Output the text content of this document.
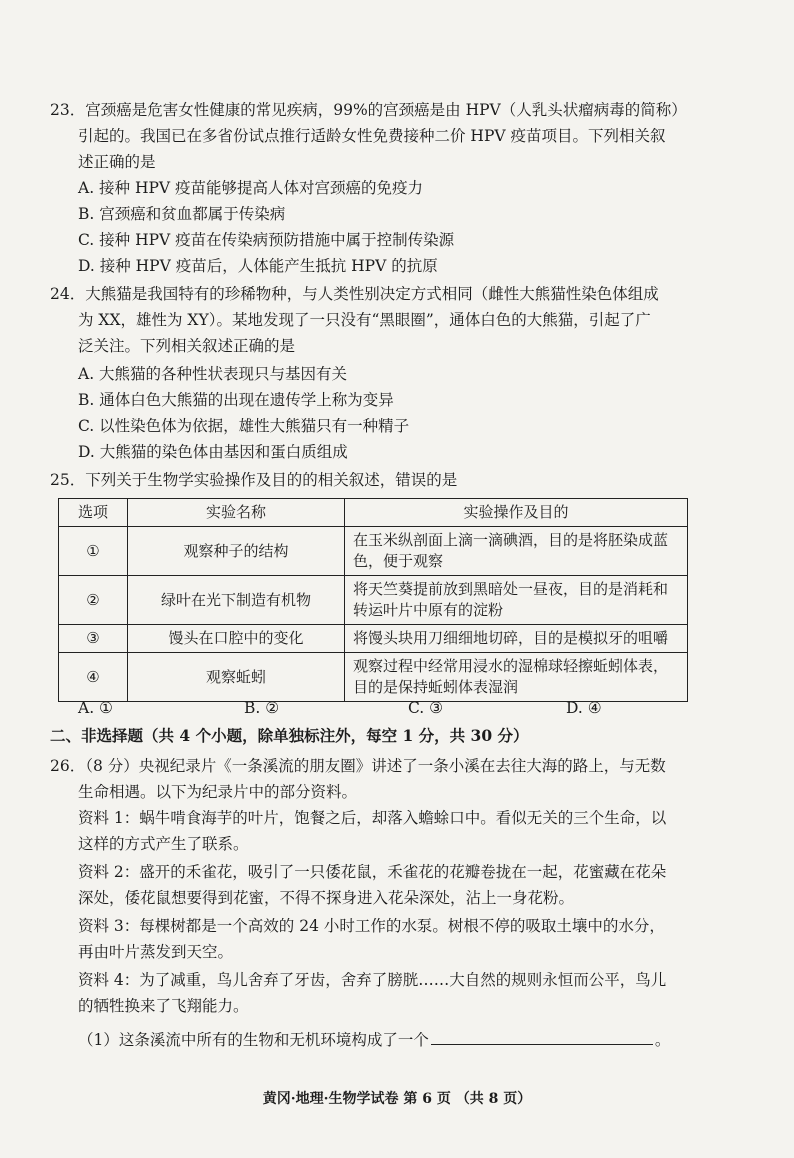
23．宫颈癌是危害女性健康的常见疾病，99%的宫颈癌是由 HPV（人乳头状瘤病毒的简称）
引起的。我国已在多省份试点推行适龄女性免费接种二价 HPV 疫苗项目。下列相关叙
述正确的是
A. 接种 HPV 疫苗能够提高人体对宫颈癌的免疫力
B. 宫颈癌和贫血都属于传染病
C. 接种 HPV 疫苗在传染病预防措施中属于控制传染源
D. 接种 HPV 疫苗后，人体能产生抵抗 HPV 的抗原
24．大熊猫是我国特有的珍稀物种，与人类性别决定方式相同（雌性大熊猫性染色体组成
为 XX，雄性为 XY）。某地发现了一只没有“黑眼圈”，通体白色的大熊猫，引起了广
泛关注。下列相关叙述正确的是
A. 大熊猫的各种性状表现只与基因有关
B. 通体白色大熊猫的出现在遗传学上称为变异
C. 以性染色体为依据，雄性大熊猫只有一种精子
D. 大熊猫的染色体由基因和蛋白质组成
25．下列关于生物学实验操作及目的的相关叙述，错误的是
选项	实验名称	实验操作及目的
①	观察种子的结构	在玉米纵剖面上滴一滴碘酒，目的是将胚染成蓝色，便于观察
②	绿叶在光下制造有机物	将天竺葵提前放到黑暗处一昼夜，目的是消耗和转运叶片中原有的淀粉
③	馒头在口腔中的变化	将馒头块用刀细细地切碎，目的是模拟牙的咀嚼
④	观察蚯蚓	观察过程中经常用浸水的湿棉球轻擦蚯蚓体表，目的是保持蚯蚓体表湿润
A. ①	B. ②	C. ③	D. ④
二、非选择题（共 4 个小题，除单独标注外，每空 1 分，共 30 分）
26．（8 分）央视纪录片《一条溪流的朋友圈》讲述了一条小溪在去往大海的路上，与无数
生命相遇。以下为纪录片中的部分资料。
资料 1：蜗牛啃食海芋的叶片，饱餐之后，却落入蟾蜍口中。看似无关的三个生命，以
这样的方式产生了联系。
资料 2：盛开的禾雀花，吸引了一只倭花鼠，禾雀花的花瓣卷拢在一起，花蜜藏在花朵
深处，倭花鼠想要得到花蜜，不得不探身进入花朵深处，沾上一身花粉。
资料 3：每棵树都是一个高效的 24 小时工作的水泵。树根不停的吸取土壤中的水分，
再由叶片蒸发到天空。
资料 4：为了减重，鸟儿舍弃了牙齿，舍弃了膀胱……大自然的规则永恒而公平，鸟儿
的牺牲换来了飞翔能力。
（1）这条溪流中所有的生物和无机环境构成了一个	。
黄冈·地理·生物学试卷 第 6 页 （共 8 页）
